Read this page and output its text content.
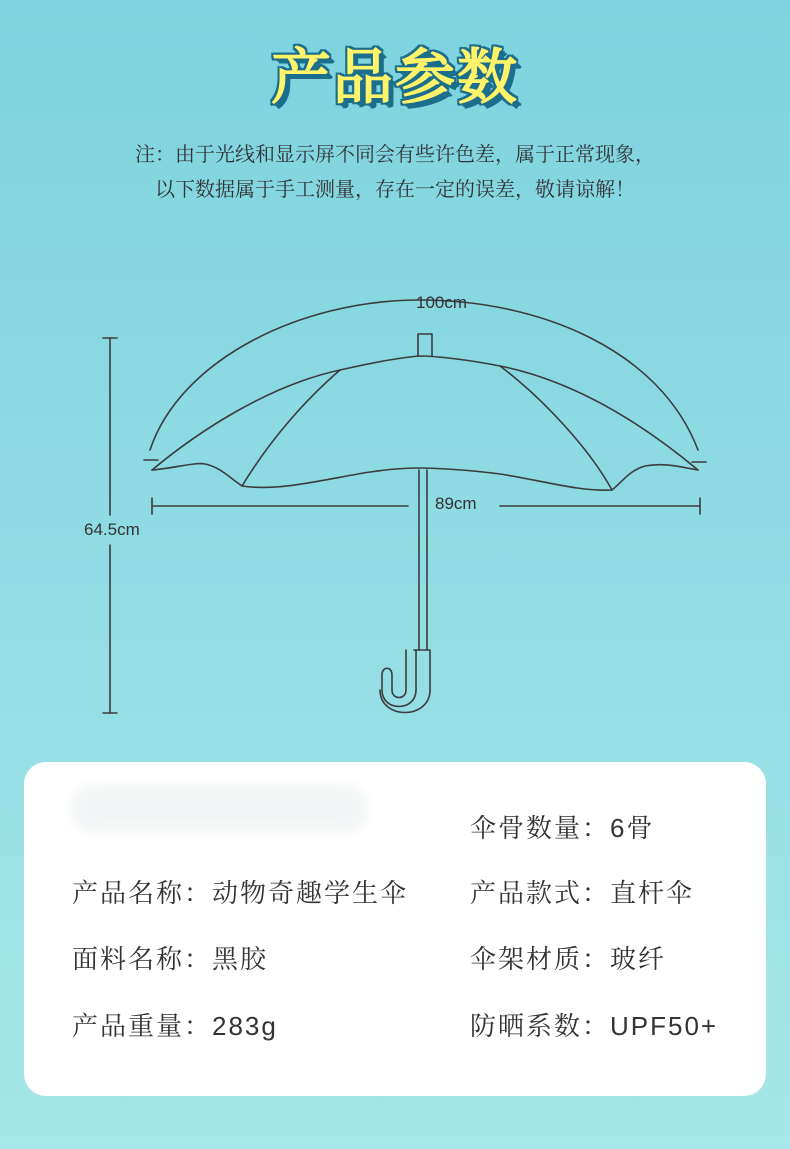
产品参数
注：由于光线和显示屏不同会有些许色差，属于正常现象，
以下数据属于手工测量，存在一定的误差，敬请谅解！
100cm
89cm
64.5cm
伞骨数量：6骨
产品名称：动物奇趣学生伞 产品款式：直杆伞
面料名称：黑胶	伞架材质：玻纤
产品重量：283g	防晒系数：UPF50+
